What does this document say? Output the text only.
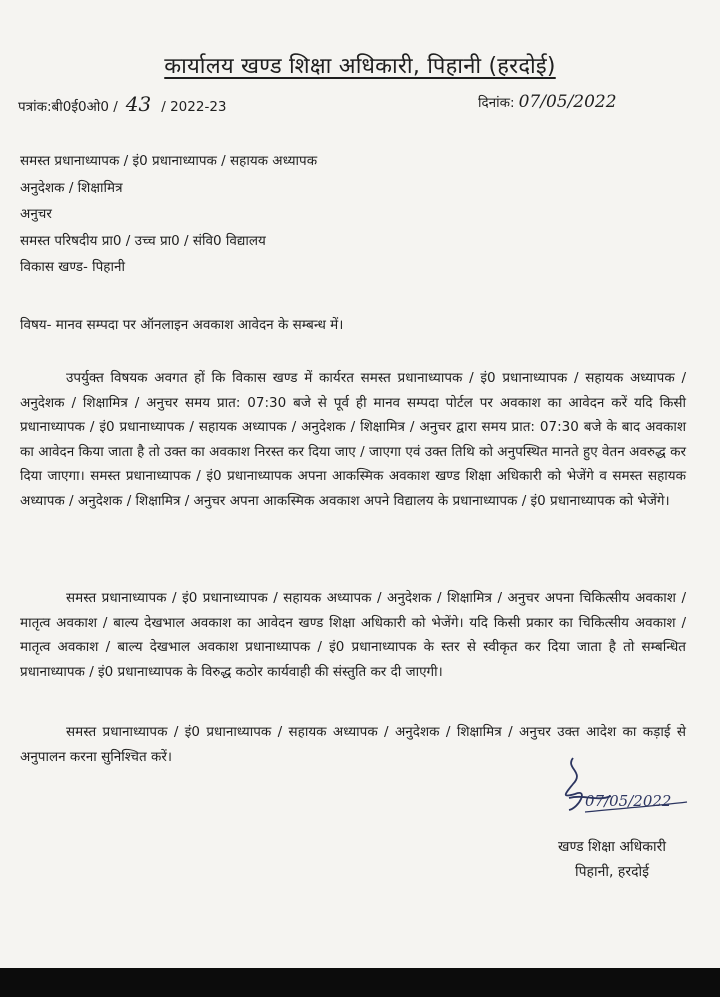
कार्यालय खण्ड शिक्षा अधिकारी, पिहानी (हरदोई)
पत्रांक:बी0ई0ओ0 / 43 / 2022-23	दिनांक: 07/05/2022
समस्त प्रधानाध्यापक / इं0 प्रधानाध्यापक / सहायक अध्यापक
अनुदेशक / शिक्षामित्र
अनुचर
समस्त परिषदीय प्रा0 / उच्च प्रा0 / संवि0 विद्यालय
विकास खण्ड- पिहानी
विषय- मानव सम्पदा पर ऑनलाइन अवकाश आवेदन के सम्बन्ध में।
उपर्युक्त विषयक अवगत हों कि विकास खण्ड में कार्यरत समस्त प्रधानाध्यापक / इं0 प्रधानाध्यापक / सहायक अध्यापक / अनुदेशक / शिक्षामित्र / अनुचर समय प्रात: 07:30 बजे से पूर्व ही मानव सम्पदा पोर्टल पर अवकाश का आवेदन करें यदि किसी प्रधानाध्यापक / इं0 प्रधानाध्यापक / सहायक अध्यापक / अनुदेशक / शिक्षामित्र / अनुचर द्वारा समय प्रात: 07:30 बजे के बाद अवकाश का आवेदन किया जाता है तो उक्त का अवकाश निरस्त कर दिया जाए / जाएगा एवं उक्त तिथि को अनुपस्थित मानते हुए वेतन अवरुद्ध कर दिया जाएगा। समस्त प्रधानाध्यापक / इं0 प्रधानाध्यापक अपना आकस्मिक अवकाश खण्ड शिक्षा अधिकारी को भेजेंगे व समस्त सहायक अध्यापक / अनुदेशक / शिक्षामित्र / अनुचर अपना आकस्मिक अवकाश अपने विद्यालय के प्रधानाध्यापक / इं0 प्रधानाध्यापक को भेजेंगे।
समस्त प्रधानाध्यापक / इं0 प्रधानाध्यापक / सहायक अध्यापक / अनुदेशक / शिक्षामित्र / अनुचर अपना चिकित्सीय अवकाश / मातृत्व अवकाश / बाल्य देखभाल अवकाश का आवेदन खण्ड शिक्षा अधिकारी को भेजेंगे। यदि किसी प्रकार का चिकित्सीय अवकाश / मातृत्व अवकाश / बाल्य देखभाल अवकाश प्रधानाध्यापक / इं0 प्रधानाध्यापक के स्तर से स्वीकृत कर दिया जाता है तो सम्बन्धित प्रधानाध्यापक / इं0 प्रधानाध्यापक के विरुद्ध कठोर कार्यवाही की संस्तुति कर दी जाएगी।
समस्त प्रधानाध्यापक / इं0 प्रधानाध्यापक / सहायक अध्यापक / अनुदेशक / शिक्षामित्र / अनुचर उक्त आदेश का कड़ाई से अनुपालन करना सुनिश्चित करें।
07/05/2022
खण्ड शिक्षा अधिकारी
पिहानी, हरदोई
